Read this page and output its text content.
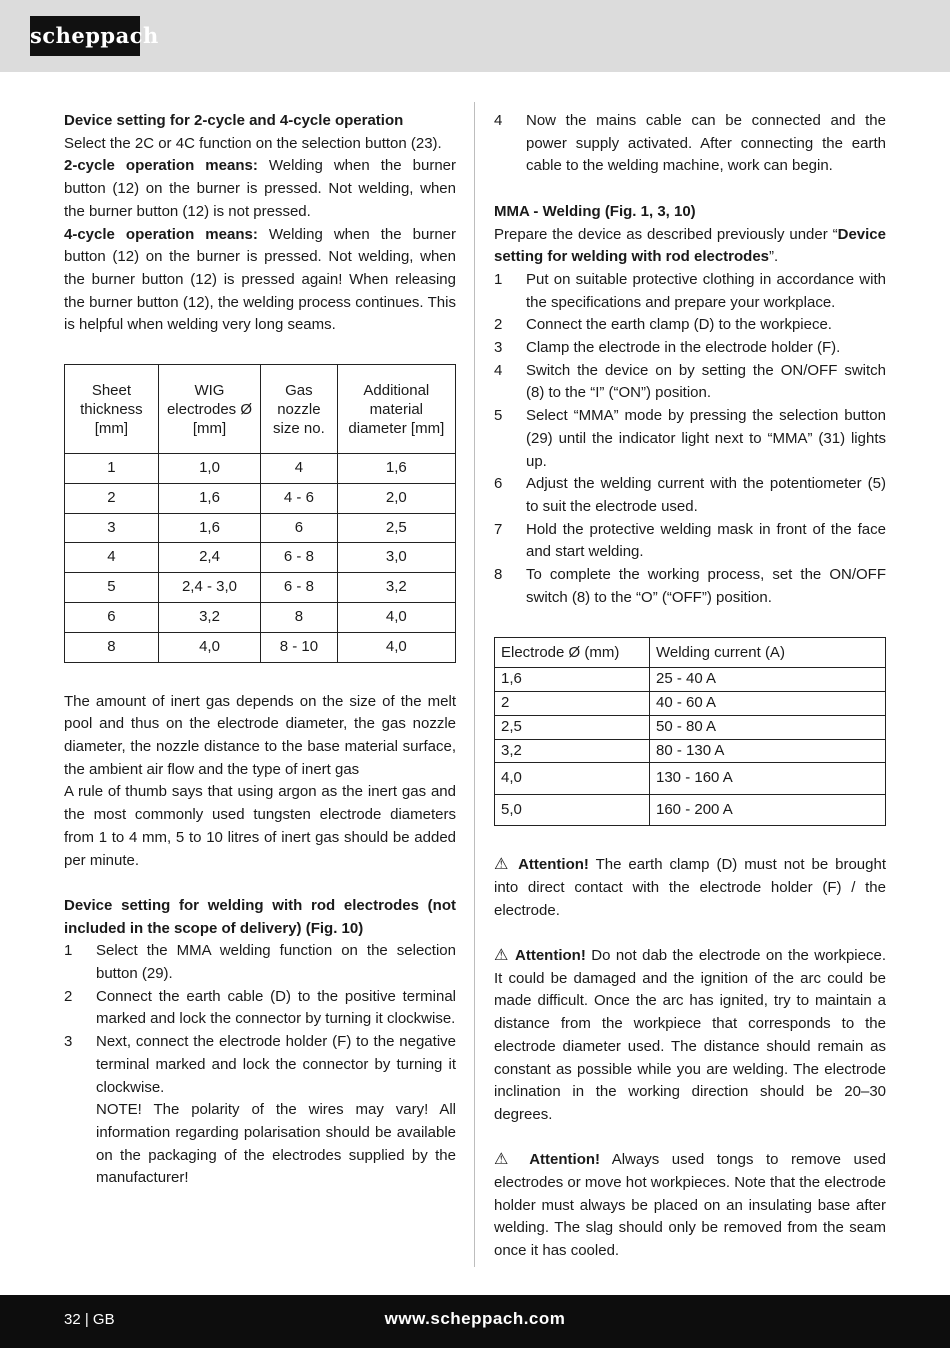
scheppach

Device setting for 2-cycle and 4-cycle operation

Select the 2C or 4C function on the selection button (23).

2-cycle operation means: Welding when the burner button (12) on the burner is pressed. Not welding, when the burner button (12) is not pressed.

4-cycle operation means: Welding when the burner button (12) on the burner is pressed. Not welding, when the burner button (12) is pressed again! When releasing the burner button (12), the welding process continues. This is helpful when welding very long seams.

Sheet thickness [mm]	WIG electrodes Ø [mm]	Gas nozzle size no.	Additional material diameter [mm]
1	1,0	4	1,6
2	1,6	4 - 6	2,0
3	1,6	6	2,5
4	2,4	6 - 8	3,0
5	2,4 - 3,0	6 - 8	3,2
6	3,2	8	4,0
8	4,0	8 - 10	4,0

The amount of inert gas depends on the size of the melt pool and thus on the electrode diameter, the gas nozzle diameter, the nozzle distance to the base material surface, the ambient air flow and the type of inert gas

A rule of thumb says that using argon as the inert gas and the most commonly used tungsten electrode diameters from 1 to 4 mm, 5 to 10 litres of inert gas should be added per minute.

Device setting for welding with rod electrodes (not included in the scope of delivery) (Fig. 10)

1 Select the MMA welding function on the selection button (29).
2 Connect the earth cable (D) to the positive terminal marked and lock the connector by turning it clockwise.
3 Next, connect the electrode holder (F) to the negative terminal marked and lock the connector by turning it clockwise.
NOTE! The polarity of the wires may vary! All information regarding polarisation should be available on the packaging of the electrodes supplied by the manufacturer!
4 Now the mains cable can be connected and the power supply activated. After connecting the earth cable to the welding machine, work can begin.

MMA - Welding (Fig. 1, 3, 10)

Prepare the device as described previously under “Device setting for welding with rod electrodes”.

1 Put on suitable protective clothing in accordance with the specifications and prepare your workplace.
2 Connect the earth clamp (D) to the workpiece.
3 Clamp the electrode in the electrode holder (F).
4 Switch the device on by setting the ON/OFF switch (8) to the “I” (“ON”) position.
5 Select “MMA” mode by pressing the selection button (29) until the indicator light next to “MMA” (31) lights up.
6 Adjust the welding current with the potentiometer (5) to suit the electrode used.
7 Hold the protective welding mask in front of the face and start welding.
8 To complete the working process, set the ON/OFF switch (8) to the “O” (“OFF”) position.
Electrode Ø (mm)	Welding current (A)
1,6	25 - 40 A
2	40 - 60 A
2,5	50 - 80 A
3,2	80 - 130 A
4,0	130 - 160 A
5,0	160 - 200 A

⚠ Attention! The earth clamp (D) must not be brought into direct contact with the electrode holder (F) / the electrode.

⚠ Attention! Do not dab the electrode on the workpiece. It could be damaged and the ignition of the arc could be made difficult. Once the arc has ignited, try to maintain a distance from the workpiece that corresponds to the electrode diameter used. The distance should remain as constant as possible while you are welding. The electrode inclination in the working direction should be 20–30 degrees.

⚠ Attention! Always used tongs to remove used electrodes or move hot workpieces. Note that the electrode holder must always be placed on an insulating base after welding. The slag should only be removed from the seam once it has cooled.

32 | GB	www.scheppach.com
